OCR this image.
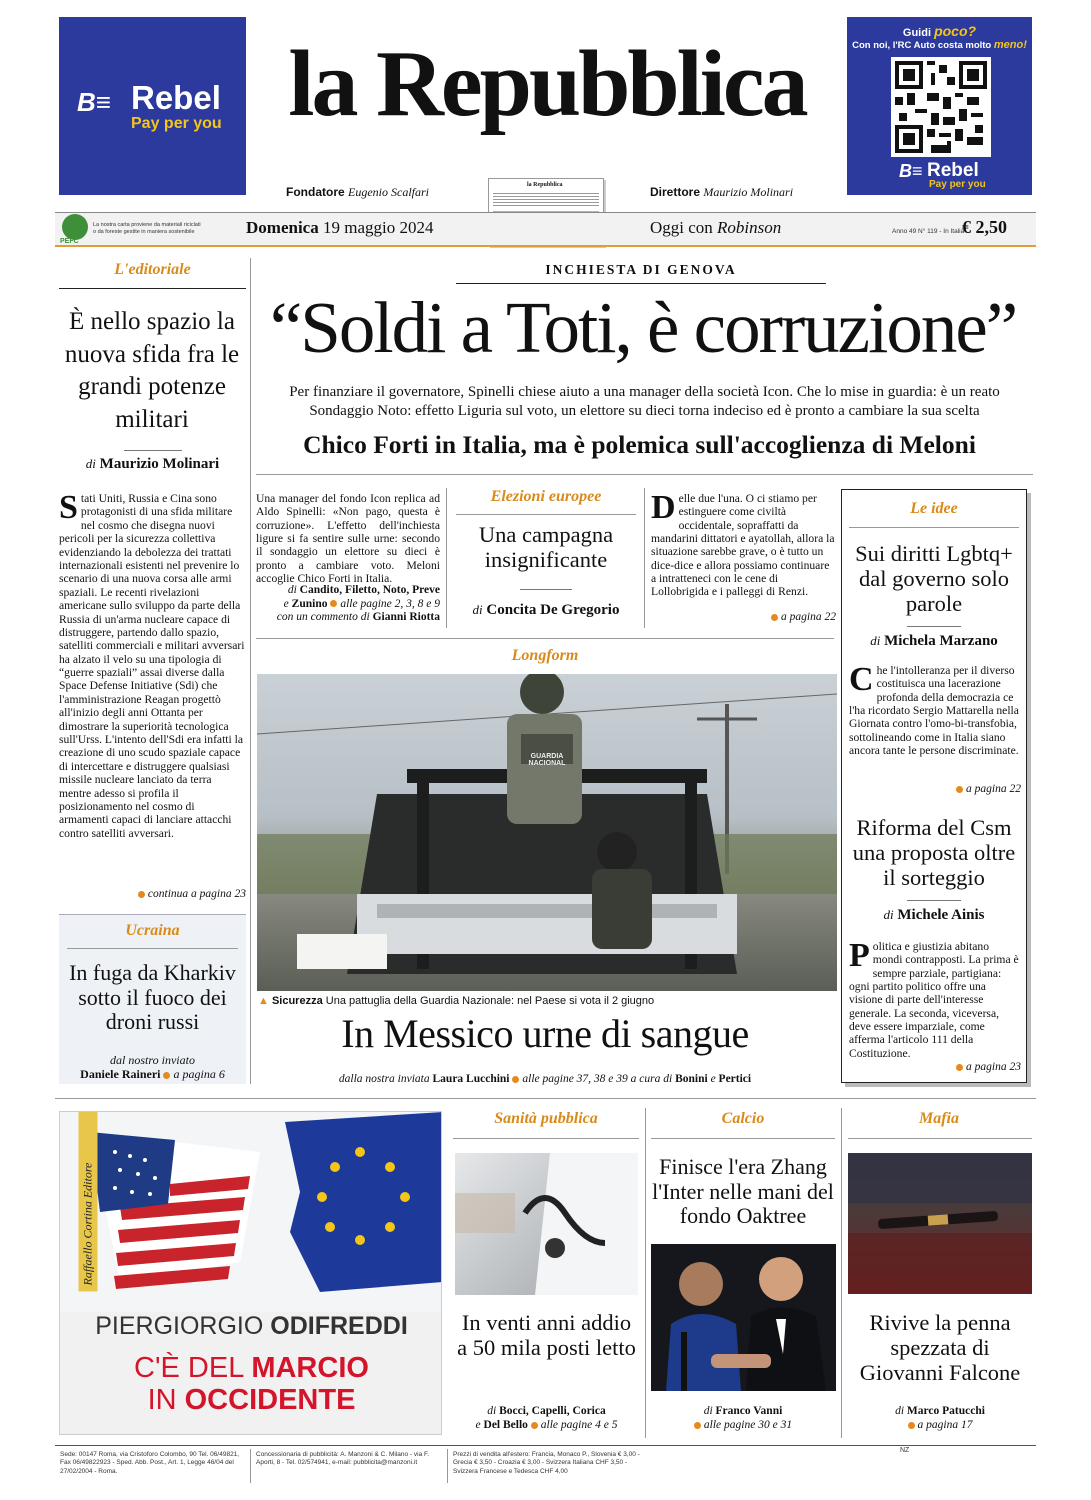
B≡ Rebel
Pay per you la Repubblica
Fondatore Eugenio Scalfari	Direttore Maurizio Molinari
la Repubblica
Guidi poco?
Con noi, l'RC Auto costa molto meno!
B≡ Rebel
Pay per you
PEFC
La nostra carta proviene da materiali riciclati o da foreste gestite in maniera sostenibile	Domenica 19 maggio 2024	Oggi con Robinson	Anno 49 N° 119 - In Italia
€ 2,50
L'editoriale
È nello spazio la nuova sfida fra le grandi potenze militari
di Maurizio Molinari
Stati Uniti, Russia e Cina sono protagonisti di una sfida militare nel cosmo che disegna nuovi pericoli per la sicurezza collettiva evidenziando la debolezza dei trattati internazionali esistenti nel prevenire lo scenario di una nuova corsa alle armi spaziali. Le recenti rivelazioni americane sullo sviluppo da parte della Russia di un'arma nucleare capace di distruggere, partendo dallo spazio, satelliti commerciali e militari avversari ha alzato il velo su una tipologia di “guerre spaziali” assai diverse dalla Space Defense Initiative (Sdi) che l'amministrazione Reagan progettò all'inizio degli anni Ottanta per dimostrare la superiorità tecnologica sull'Urss. L'intento dell'Sdi era infatti la creazione di uno scudo spaziale capace di intercettare e distruggere qualsiasi missile nucleare lanciato da terra mentre adesso si profila il posizionamento nel cosmo di armamenti capaci di lanciare attacchi contro satelliti avversari.
continua a pagina 23
Ucraina
In fuga da Kharkiv sotto il fuoco dei droni russi
dal nostro inviato
Daniele Raineri a pagina 6
INCHIESTA DI GENOVA
“Soldi a Toti, è corruzione”
Per finanziare il governatore, Spinelli chiese aiuto a una manager della società Icon. Che lo mise in guardia: è un reato
Sondaggio Noto: effetto Liguria sul voto, un elettore su dieci torna indeciso ed è pronto a cambiare la sua scelta
Chico Forti in Italia, ma è polemica sull'accoglienza di Meloni
Una manager del fondo Icon replica ad Aldo Spinelli: «Non pago, questa è corruzione». L'effetto dell'inchiesta ligure si fa sentire sulle urne: secondo il sondaggio un elettore su dieci è pronto a cambiare voto. Meloni accoglie Chico Forti in Italia.
di Candito, Filetto, Noto, Preve
e Zunino alle pagine 2, 3, 8 e 9
con un commento di Gianni Riotta
Elezioni europee
Una campagna insignificante
di Concita De Gregorio
Delle due l'una. O ci stiamo per estinguere come civiltà occidentale, sopraffatti da mandarini dittatori e ayatollah, allora la situazione sarebbe grave, o è tutto un dice-dice e allora possiamo continuare a intratteneci con le cene di Lollobrigida e i palleggi di Renzi.
a pagina 22
Le idee
Sui diritti Lgbtq+ dal governo solo parole
di Michela Marzano
Che l'intolleranza per il diverso costituisca una lacerazione profonda della democrazia ce l'ha ricordato Sergio Mattarella nella Giornata contro l'omo-bi-transfobia, sottolineando come in Italia siano ancora tante le persone discriminate.
a pagina 22
Riforma del Csm una proposta oltre il sorteggio
di Michele Ainis
Politica e giustizia abitano mondi contrapposti. La prima è sempre parziale, partigiana: ogni partito politico offre una visione di parte dell'interesse generale. La seconda, viceversa, deve essere imparziale, come afferma l'articolo 111 della Costituzione.
a pagina 23
Longform
GUARDIA NACIONAL
▲ Sicurezza Una pattuglia della Guardia Nazionale: nel Paese si vota il 2 giugno
In Messico urne di sangue
dalla nostra inviata Laura Lucchini alle pagine 37, 38 e 39 a cura di Bonini e Pertici
Raffaello Cortina Editore
PIERGIORGIO ODIFREDDI
C'È DEL MARCIO
IN OCCIDENTE
Sanità pubblica
In venti anni addio a 50 mila posti letto
di Bocci, Capelli, Corica
e Del Bello alle pagine 4 e 5
Calcio
Finisce l'era Zhang l'Inter nelle mani del fondo Oaktree
di Franco Vanni
alle pagine 30 e 31
Mafia
Rivive la penna spezzata di Giovanni Falcone
di Marco Patucchi
a pagina 17
Sede: 00147 Roma, via Cristoforo Colombo, 90 Tel. 06/49821, Fax 06/49822923 - Sped. Abb. Post., Art. 1, Legge 46/04 del 27/02/2004 - Roma.
Concessionaria di pubblicità: A. Manzoni & C. Milano - via F. Aporti, 8 - Tel. 02/574941, e-mail: pubblicita@manzoni.it
Prezzi di vendita all'estero: Francia, Monaco P., Slovenia € 3,00 - Grecia € 3,50 - Croazia € 3,00 - Svizzera Italiana CHF 3,50 - Svizzera Francese e Tedesca CHF 4,00
NZ
